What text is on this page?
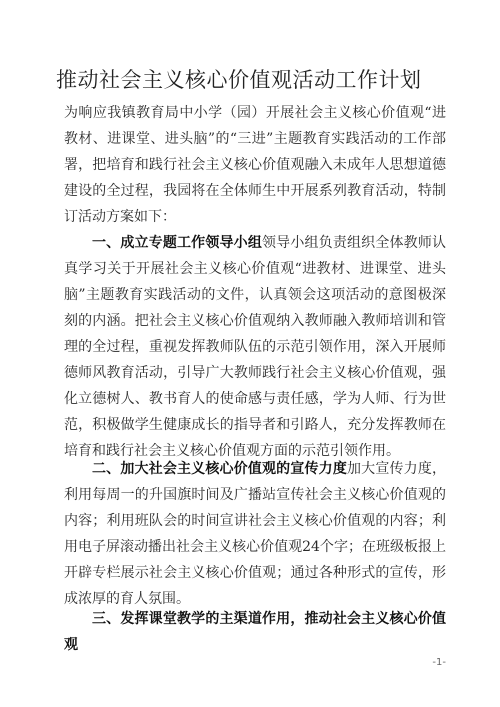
推动社会主义核心价值观活动工作计划
为响应我镇教育局中小学（园）开展社会主义核心价值观“进教材、进课堂、进头脑”的“三进”主题教育实践活动的工作部署，把培育和践行社会主义核心价值观融入未成年人思想道德建设的全过程，我园将在全体师生中开展系列教育活动，特制订活动方案如下：
一、成立专题工作领导小组领导小组负责组织全体教师认真学习关于开展社会主义核心价值观“进教材、进课堂、进头脑”主题教育实践活动的文件，认真领会这项活动的意图极深刻的内涵。把社会主义核心价值观纳入教师融入教师培训和管理的全过程，重视发挥教师队伍的示范引领作用，深入开展师德师风教育活动，引导广大教师践行社会主义核心价值观，强化立德树人、教书育人的使命感与责任感，学为人师、行为世范，积极做学生健康成长的指导者和引路人，充分发挥教师在培育和践行社会主义核心价值观方面的示范引领作用。
二、加大社会主义核心价值观的宣传力度加大宣传力度，利用每周一的升国旗时间及广播站宣传社会主义核心价值观的内容；利用班队会的时间宣讲社会主义核心价值观的内容；利用电子屏滚动播出社会主义核心价值观24个字；在班级板报上开辟专栏展示社会主义核心价值观；通过各种形式的宣传，形成浓厚的育人氛围。
三、发挥课堂教学的主渠道作用，推动社会主义核心价值观
-1-
